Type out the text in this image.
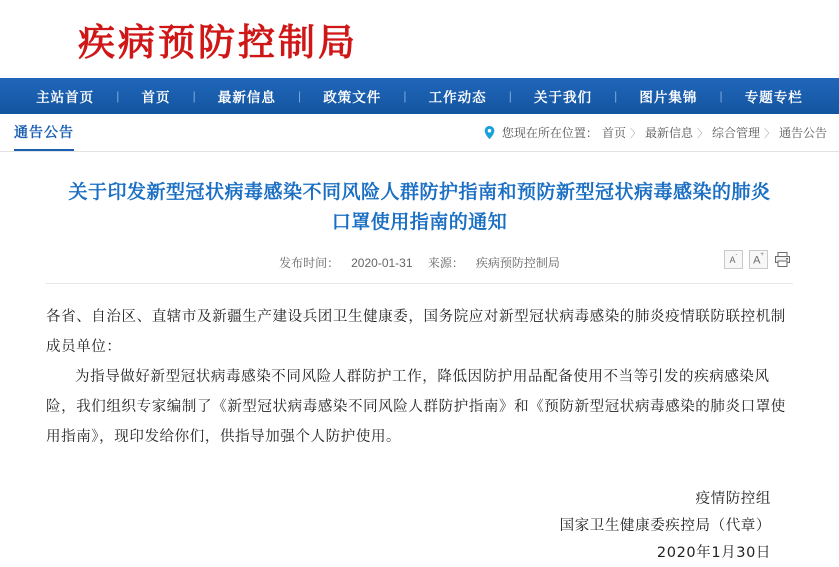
疾病预防控制局
主站首页 | 首页 | 最新信息 | 政策文件 | 工作动态 | 关于我们 | 图片集锦 | 专题专栏
通告公告	您现在所在位置： 首页 〉 最新信息 〉 综合管理 〉 通告公告
关于印发新型冠状病毒感染不同风险人群防护指南和预防新型冠状病毒感染的肺炎口罩使用指南的通知
发布时间： 2020-01-31 来源： 疾病预防控制局	A-	A+

各省、自治区、直辖市及新疆生产建设兵团卫生健康委，国务院应对新型冠状病毒感染的肺炎疫情联防联控机制成员单位：

为指导做好新型冠状病毒感染不同风险人群防护工作，降低因防护用品配备使用不当等引发的疾病感染风险，我们组织专家编制了《新型冠状病毒感染不同风险人群防护指南》和《预防新型冠状病毒感染的肺炎口罩使用指南》，现印发给你们，供指导加强个人防护使用。

疫情防控组
国家卫生健康委疾控局（代章）
2020年1月30日
